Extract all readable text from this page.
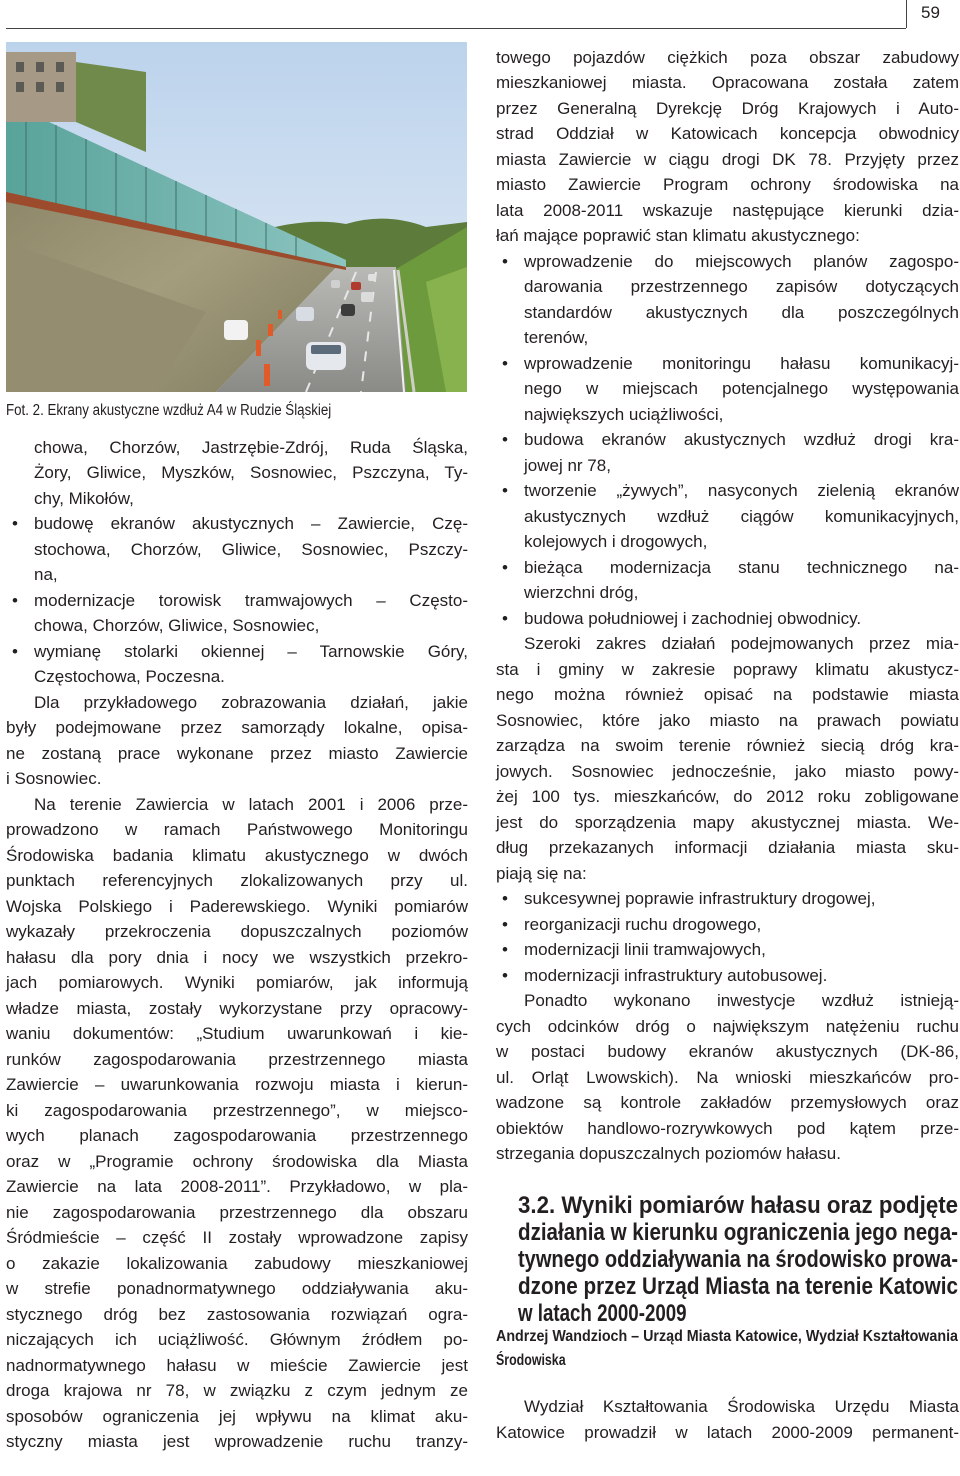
59
Fot. 2. Ekrany akustyczne wzdłuż A4 w Rudzie Śląskiej
chowa, Chorzów, Jastrzębie-Zdrój, Ruda Śląska,
Żory, Gliwice, Myszków, Sosnowiec, Pszczyna, Ty-
chy, Mikołów,
• budowę ekranów akustycznych – Zawiercie, Czę-
stochowa, Chorzów, Gliwice, Sosnowiec, Pszczy-
na,
• modernizacje torowisk tramwajowych – Często-
chowa, Chorzów, Gliwice, Sosnowiec,
• wymianę stolarki okiennej – Tarnowskie Góry,
Częstochowa, Poczesna.
Dla przykładowego zobrazowania działań, jakie
były podejmowane przez samorządy lokalne, opisa-
ne zostaną prace wykonane przez miasto Zawiercie
i Sosnowiec.
Na terenie Zawiercia w latach 2001 i 2006 prze-
prowadzono w ramach Państwowego Monitoringu
Środowiska badania klimatu akustycznego w dwóch
punktach referencyjnych zlokalizowanych przy ul.
Wojska Polskiego i Paderewskiego. Wyniki pomiarów
wykazały przekroczenia dopuszczalnych poziomów
hałasu dla pory dnia i nocy we wszystkich przekro-
jach pomiarowych. Wyniki pomiarów, jak informują
władze miasta, zostały wykorzystane przy opracowy-
waniu dokumentów: „Studium uwarunkowań i kie-
runków zagospodarowania przestrzennego miasta
Zawiercie – uwarunkowania rozwoju miasta i kierun-
ki zagospodarowania przestrzennego”, w miejsco-
wych planach zagospodarowania przestrzennego
oraz w „Programie ochrony środowiska dla Miasta
Zawiercie na lata 2008-2011”. Przykładowo, w pla-
nie zagospodarowania przestrzennego dla obszaru
Śródmieście – część II zostały wprowadzone zapisy
o zakazie lokalizowania zabudowy mieszkaniowej
w strefie ponadnormatywnego oddziaływania aku-
stycznego dróg bez zastosowania rozwiązań ogra-
niczających ich uciążliwość. Głównym źródłem po-
nadnormatywnego hałasu w mieście Zawiercie jest
droga krajowa nr 78, w związku z czym jednym ze
sposobów ograniczenia jej wpływu na klimat aku-
styczny miasta jest wprowadzenie ruchu tranzy-
towego pojazdów ciężkich poza obszar zabudowy
mieszkaniowej miasta. Opracowana została zatem
przez Generalną Dyrekcję Dróg Krajowych i Auto-
strad Oddział w Katowicach koncepcja obwodnicy
miasta Zawiercie w ciągu drogi DK 78. Przyjęty przez
miasto Zawiercie Program ochrony środowiska na
lata 2008-2011 wskazuje następujące kierunki dzia-
łań mające poprawić stan klimatu akustycznego:
• wprowadzenie do miejscowych planów zagospo-
darowania przestrzennego zapisów dotyczących
standardów akustycznych dla poszczególnych
terenów,
• wprowadzenie monitoringu hałasu komunikacyj-
nego w miejscach potencjalnego występowania
największych uciążliwości,
• budowa ekranów akustycznych wzdłuż drogi kra-
jowej nr 78,
• tworzenie „żywych”, nasyconych zielenią ekranów
akustycznych wzdłuż ciągów komunikacyjnych,
kolejowych i drogowych,
• bieżąca modernizacja stanu technicznego na-
wierzchni dróg,
• budowa południowej i zachodniej obwodnicy.
Szeroki zakres działań podejmowanych przez mia-
sta i gminy w zakresie poprawy klimatu akustycz-
nego można również opisać na podstawie miasta
Sosnowiec, które jako miasto na prawach powiatu
zarządza na swoim terenie również siecią dróg kra-
jowych. Sosnowiec jednocześnie, jako miasto powy-
żej 100 tys. mieszkańców, do 2012 roku zobligowane
jest do sporządzenia mapy akustycznej miasta. We-
dług przekazanych informacji działania miasta sku-
piają się na:
• sukcesywnej poprawie infrastruktury drogowej,
• reorganizacji ruchu drogowego,
• modernizacji linii tramwajowych,
• modernizacji infrastruktury autobusowej.
Ponadto wykonano inwestycje wzdłuż istnieją-
cych odcinków dróg o największym natężeniu ruchu
w postaci budowy ekranów akustycznych (DK-86,
ul. Orląt Lwowskich). Na wnioski mieszkańców pro-
wadzone są kontrole zakładów przemysłowych oraz
obiektów handlowo-rozrywkowych pod kątem prze-
strzegania dopuszczalnych poziomów hałasu.
Wydział Kształtowania Środowiska Urzędu Miasta
Katowice prowadził w latach 2000-2009 permanent-
3.2. Wyniki pomiarów hałasu oraz podjęte
działania w kierunku ograniczenia jego nega-
tywnego oddziaływania na środowisko prowa-
dzone przez Urząd Miasta na terenie Katowic
w latach 2000-2009
Andrzej Wandzioch – Urząd Miasta Katowice, Wydział Kształtowania
Środowiska
